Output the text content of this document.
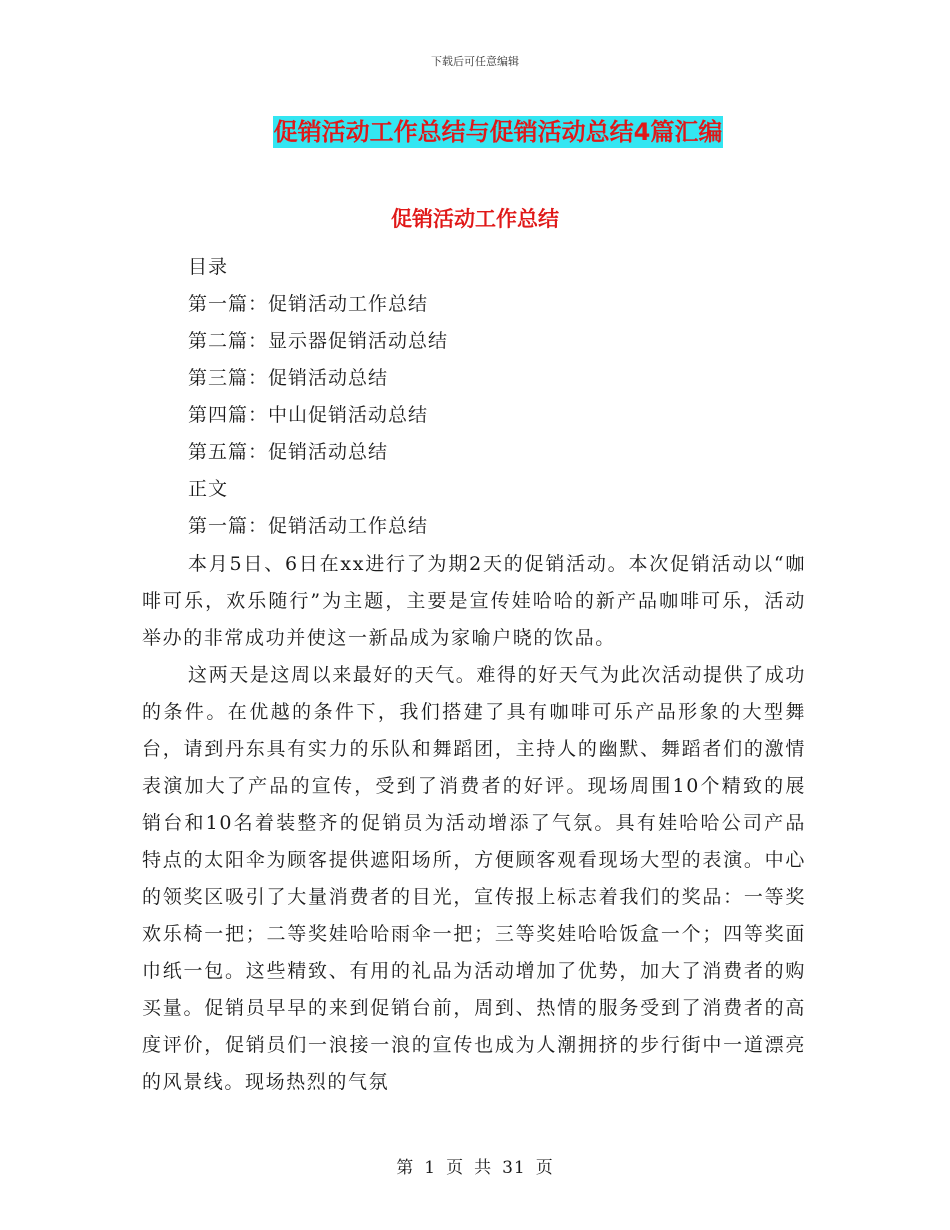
下载后可任意编辑
促销活动工作总结与促销活动总结4篇汇编
促销活动工作总结
目录
第一篇：促销活动工作总结
第二篇：显示器促销活动总结
第三篇：促销活动总结
第四篇：中山促销活动总结
第五篇：促销活动总结
正文
第一篇：促销活动工作总结

本月5日、6日在xx进行了为期2天的促销活动。本次促销活动以“咖啡可乐，欢乐随行”为主题，主要是宣传娃哈哈的新产品咖啡可乐，活动举办的非常成功并使这一新品成为家喻户晓的饮品。

这两天是这周以来最好的天气。难得的好天气为此次活动提供了成功的条件。在优越的条件下，我们搭建了具有咖啡可乐产品形象的大型舞台，请到丹东具有实力的乐队和舞蹈团，主持人的幽默、舞蹈者们的激情表演加大了产品的宣传，受到了消费者的好评。现场周围10个精致的展销台和10名着装整齐的促销员为活动增添了气氛。具有娃哈哈公司产品特点的太阳伞为顾客提供遮阳场所，方便顾客观看现场大型的表演。中心的领奖区吸引了大量消费者的目光，宣传报上标志着我们的奖品：一等奖欢乐椅一把；二等奖娃哈哈雨伞一把；三等奖娃哈哈饭盒一个；四等奖面巾纸一包。这些精致、有用的礼品为活动增加了优势，加大了消费者的购买量。促销员早早的来到促销台前，周到、热情的服务受到了消费者的高度评价，促销员们一浪接一浪的宣传也成为人潮拥挤的步行街中一道漂亮的风景线。现场热烈的气氛

第 1 页 共 31 页
